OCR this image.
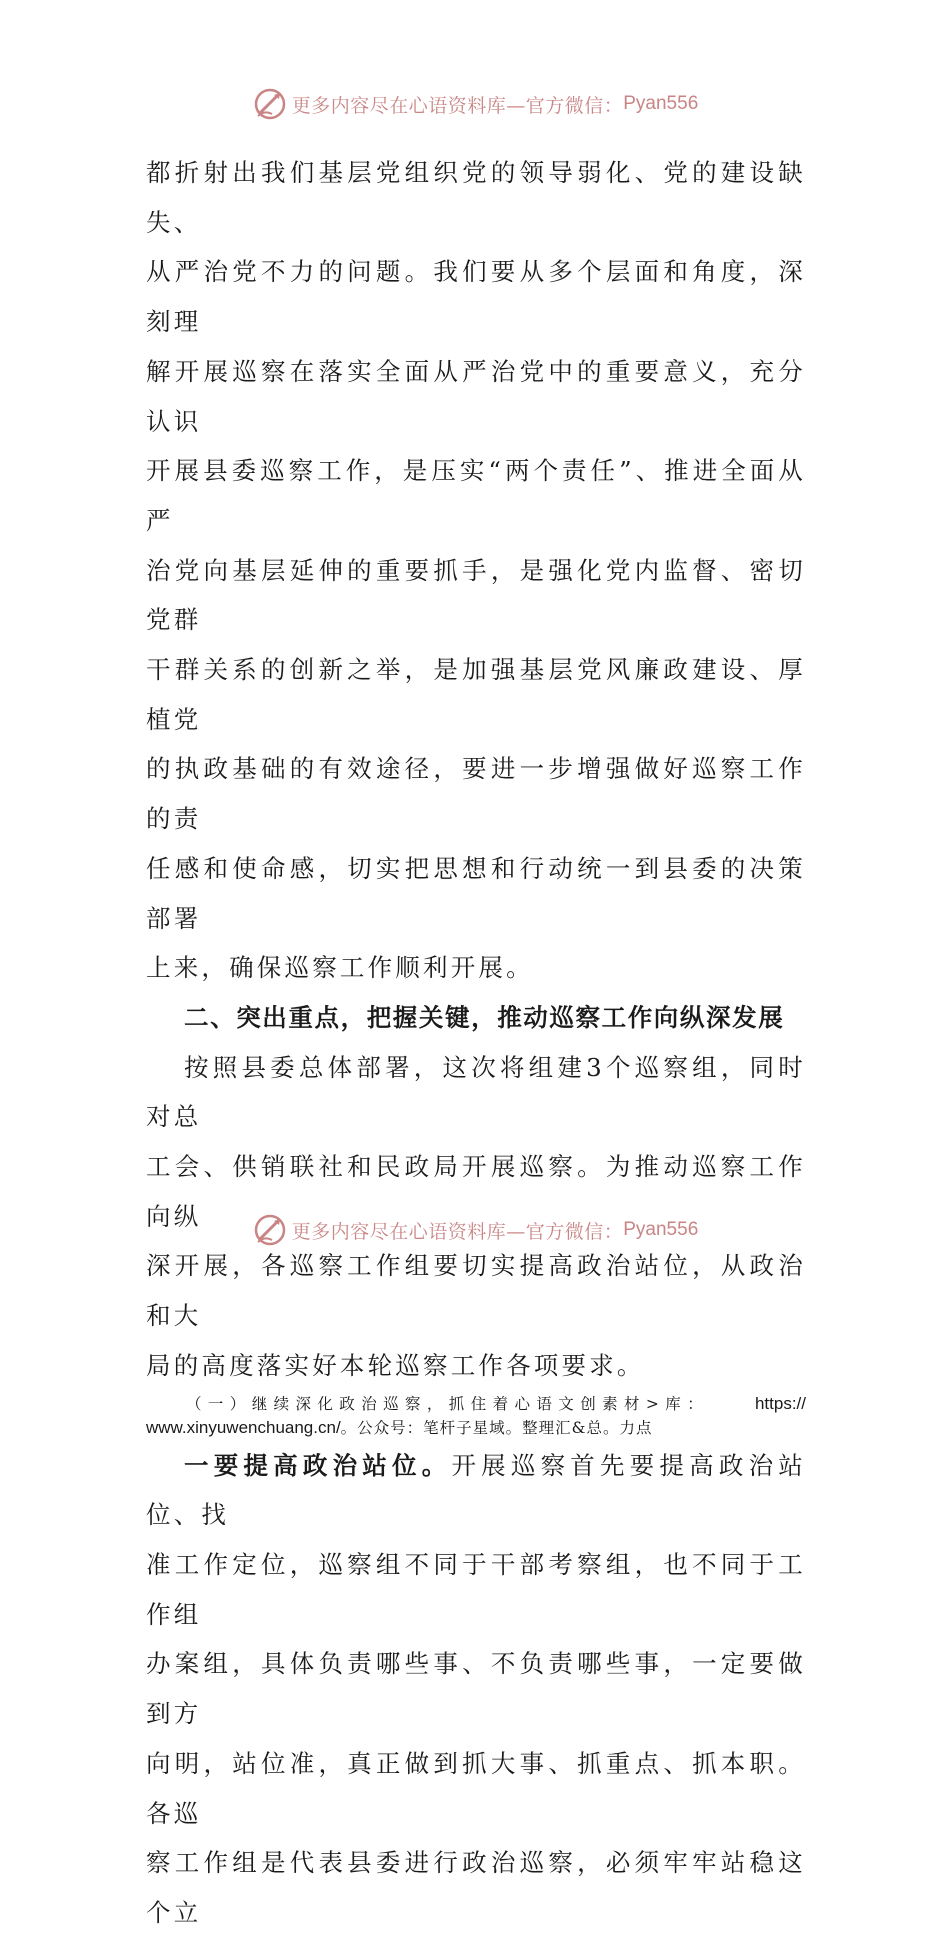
更多内容尽在心语资料库—官方微信： Pyan556

都折射出我们基层党组织党的领导弱化、党的建设缺失、

从严治党不力的问题。我们要从多个层面和角度，深刻理

解开展巡察在落实全面从严治党中的重要意义，充分认识

开展县委巡察工作，是压实“两个责任”、推进全面从严

治党向基层延伸的重要抓手，是强化党内监督、密切党群

干群关系的创新之举，是加强基层党风廉政建设、厚植党

的执政基础的有效途径，要进一步增强做好巡察工作的责

任感和使命感，切实把思想和行动统一到县委的决策部署

上来，确保巡察工作顺利开展。

二、突出重点，把握关键，推动巡察工作向纵深发展

按照县委总体部署，这次将组建3个巡察组，同时对总

工会、供销联社和民政局开展巡察。为推动巡察工作向纵

深开展，各巡察工作组要切实提高政治站位，从政治和大

局的高度落实好本轮巡察工作各项要求。

（一）继续深化政治巡察，抓住着心语文创素材>库：	https://
www.xinyuwenchuang.cn/。公众号：笔杆子星域。整理汇&总。力点

一要提高政治站位。开展巡察首先要提高政治站位、找

准工作定位，巡察组不同于干部考察组，也不同于工作组

办案组，具体负责哪些事、不负责哪些事，一定要做到方

向明，站位准，真正做到抓大事、抓重点、抓本职。各巡

察工作组是代表县委进行政治巡察，必须牢牢站稳这个立

更多内容尽在心语资料库—官方微信： Pyan556
